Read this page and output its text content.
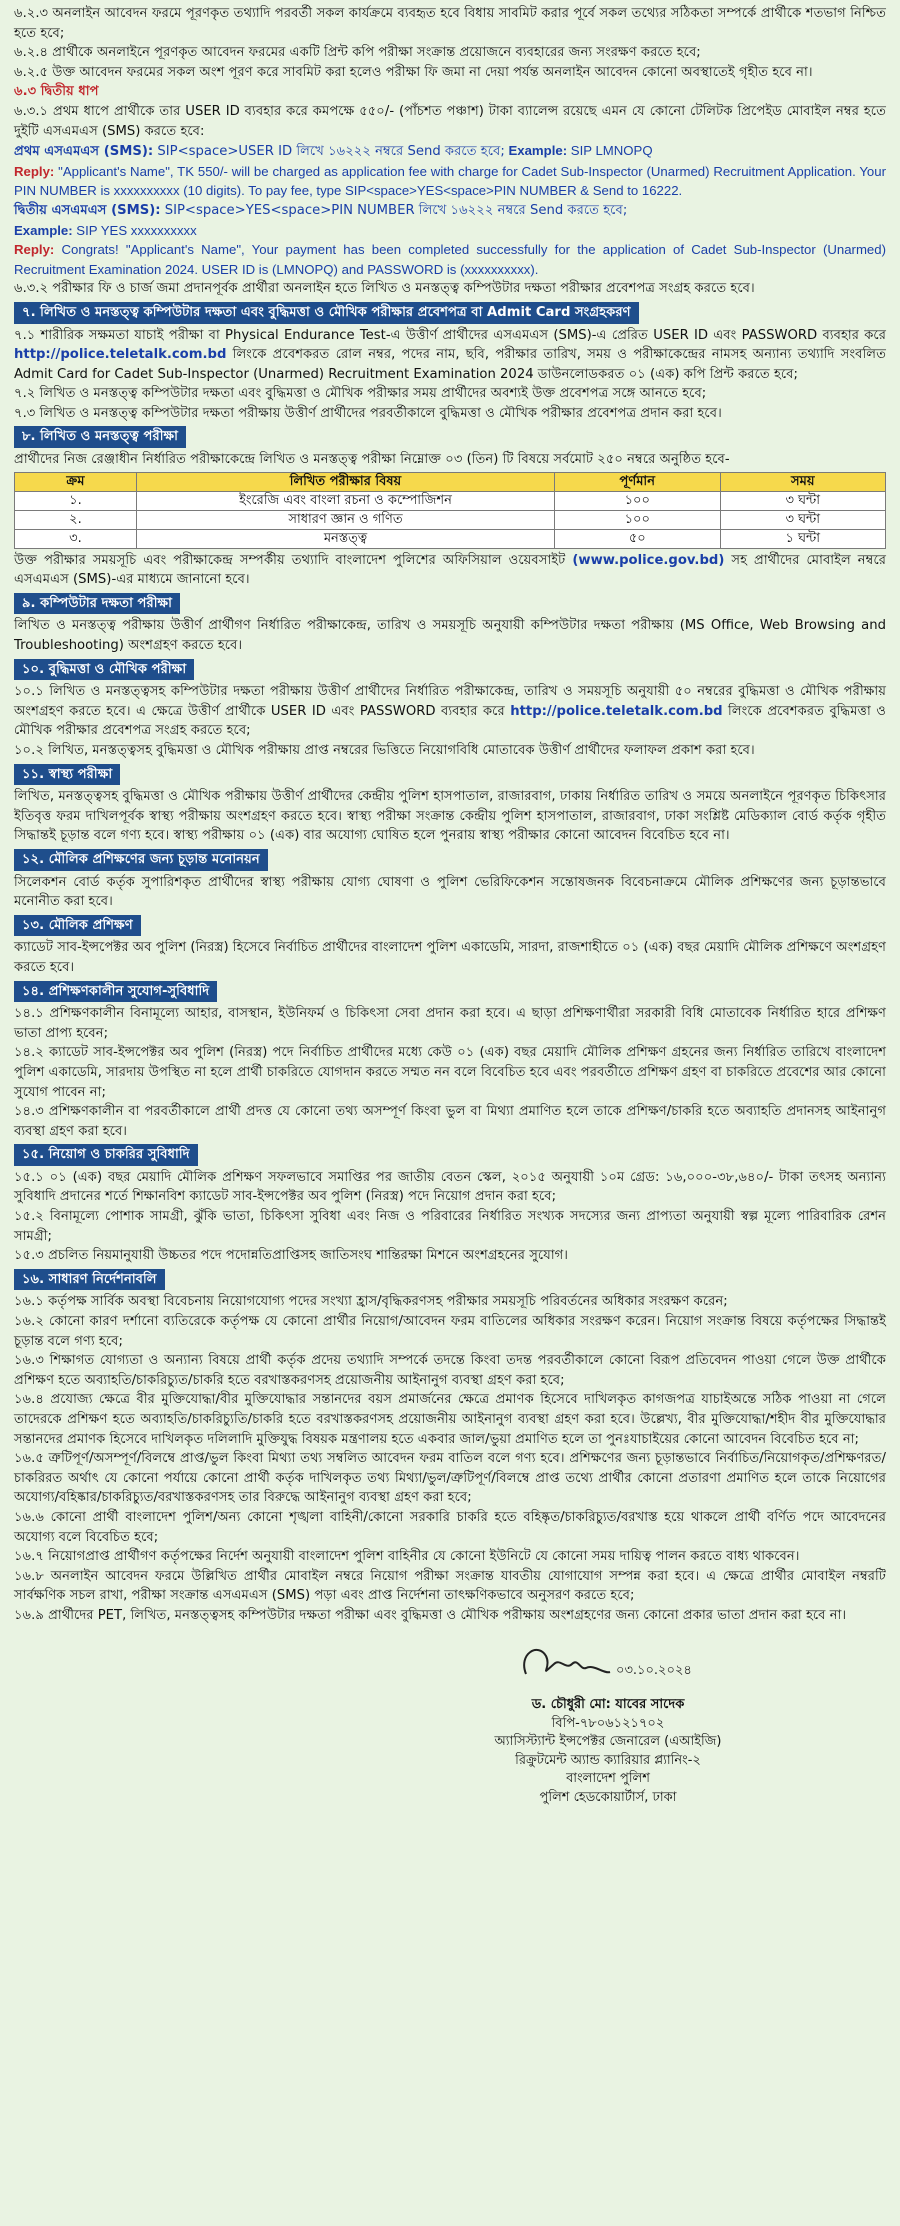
৬.২.৩ অনলাইন আবেদন ফরমে পূরণকৃত তথ্যাদি পরবর্তী সকল কার্যক্রমে ব্যবহৃত হবে বিধায় সাবমিট করার পূর্বে সকল তথ্যের সঠিকতা সম্পর্কে প্রার্থীকে শতভাগ নিশ্চিত হতে হবে;

৬.২.৪ প্রার্থীকে অনলাইনে পূরণকৃত আবেদন ফরমের একটি প্রিন্ট কপি পরীক্ষা সংক্রান্ত প্রয়োজনে ব্যবহারের জন্য সংরক্ষণ করতে হবে;

৬.২.৫ উক্ত আবেদন ফরমের সকল অংশ পূরণ করে সাবমিট করা হলেও পরীক্ষা ফি জমা না দেয়া পর্যন্ত অনলাইন আবেদন কোনো অবস্থাতেই গৃহীত হবে না।

৬.৩ দ্বিতীয় ধাপ

৬.৩.১ প্রথম ধাপে প্রার্থীকে তার USER ID ব্যবহার করে কমপক্ষে ৫৫০/- (পাঁচশত পঞ্চাশ) টাকা ব্যালেন্স রয়েছে এমন যে কোনো টেলিটক প্রিপেইড মোবাইল নম্বর হতে দুইটি এসএমএস (SMS) করতে হবে:

প্রথম এসএমএস (SMS): SIP<space>USER ID লিখে ১৬২২২ নম্বরে Send করতে হবে; Example: SIP LMNOPQ

Reply: "Applicant's Name", TK 550/- will be charged as application fee with charge for Cadet Sub-Inspector (Unarmed) Recruitment Application. Your PIN NUMBER is xxxxxxxxxx (10 digits). To pay fee, type SIP<space>YES<space>PIN NUMBER & Send to 16222.

দ্বিতীয় এসএমএস (SMS): SIP<space>YES<space>PIN NUMBER লিখে ১৬২২২ নম্বরে Send করতে হবে;

Example: SIP YES xxxxxxxxxx

Reply: Congrats! "Applicant's Name", Your payment has been completed successfully for the application of Cadet Sub-Inspector (Unarmed) Recruitment Examination 2024. USER ID is (LMNOPQ) and PASSWORD is (xxxxxxxxxx).

৬.৩.২ পরীক্ষার ফি ও চার্জ জমা প্রদানপূর্বক প্রার্থীরা অনলাইন হতে লিখিত ও মনস্তত্ত্ব কম্পিউটার দক্ষতা পরীক্ষার প্রবেশপত্র সংগ্রহ করতে হবে।

৭. লিখিত ও মনস্তত্ত্ব কম্পিউটার দক্ষতা এবং বুদ্ধিমত্তা ও মৌখিক পরীক্ষার প্রবেশপত্র বা Admit Card সংগ্রহকরণ

৭.১ শারীরিক সক্ষমতা যাচাই পরীক্ষা বা Physical Endurance Test-এ উত্তীর্ণ প্রার্থীদের এসএমএস (SMS)-এ প্রেরিত USER ID এবং PASSWORD ব্যবহার করে http://police.teletalk.com.bd লিংকে প্রবেশকরত রোল নম্বর, পদের নাম, ছবি, পরীক্ষার তারিখ, সময় ও পরীক্ষাকেন্দ্রের নামসহ অন্যান্য তথ্যাদি সংবলিত Admit Card for Cadet Sub-Inspector (Unarmed) Recruitment Examination 2024 ডাউনলোডকরত ০১ (এক) কপি প্রিন্ট করতে হবে;

৭.২ লিখিত ও মনস্তত্ত্ব কম্পিউটার দক্ষতা এবং বুদ্ধিমত্তা ও মৌখিক পরীক্ষার সময় প্রার্থীদের অবশ্যই উক্ত প্রবেশপত্র সঙ্গে আনতে হবে;

৭.৩ লিখিত ও মনস্তত্ত্ব কম্পিউটার দক্ষতা পরীক্ষায় উত্তীর্ণ প্রার্থীদের পরবর্তীকালে বুদ্ধিমত্তা ও মৌখিক পরীক্ষার প্রবেশপত্র প্রদান করা হবে।

৮. লিখিত ও মনস্তত্ত্ব পরীক্ষা

প্রার্থীদের নিজ রেঞ্জাধীন নির্ধারিত পরীক্ষাকেন্দ্রে লিখিত ও মনস্তত্ত্ব পরীক্ষা নিম্নোক্ত ০৩ (তিন) টি বিষয়ে সর্বমোট ২৫০ নম্বরে অনুষ্ঠিত হবে-

ক্রম	লিখিত পরীক্ষার বিষয়	পূর্ণমান	সময়
১.	ইংরেজি এবং বাংলা রচনা ও কম্পোজিশন	১০০	৩ ঘন্টা
২.	সাধারণ জ্ঞান ও গণিত	১০০	৩ ঘন্টা
৩.	মনস্তত্ত্ব	৫০	১ ঘন্টা

উক্ত পরীক্ষার সময়সূচি এবং পরীক্ষাকেন্দ্র সম্পর্কীয় তথ্যাদি বাংলাদেশ পুলিশের অফিসিয়াল ওয়েবসাইট (www.police.gov.bd) সহ প্রার্থীদের মোবাইল নম্বরে এসএমএস (SMS)-এর মাধ্যমে জানানো হবে।

৯. কম্পিউটার দক্ষতা পরীক্ষা

লিখিত ও মনস্তত্ত্ব পরীক্ষায় উত্তীর্ণ প্রার্থীগণ নির্ধারিত পরীক্ষাকেন্দ্র, তারিখ ও সময়সূচি অনুযায়ী কম্পিউটার দক্ষতা পরীক্ষায় (MS Office, Web Browsing and Troubleshooting) অংশগ্রহণ করতে হবে।

১০. বুদ্ধিমত্তা ও মৌখিক পরীক্ষা

১০.১ লিখিত ও মনস্তত্ত্বসহ কম্পিউটার দক্ষতা পরীক্ষায় উত্তীর্ণ প্রার্থীদের নির্ধারিত পরীক্ষাকেন্দ্র, তারিখ ও সময়সূচি অনুযায়ী ৫০ নম্বরের বুদ্ধিমত্তা ও মৌখিক পরীক্ষায় অংশগ্রহণ করতে হবে। এ ক্ষেত্রে উত্তীর্ণ প্রার্থীকে USER ID এবং PASSWORD ব্যবহার করে http://police.teletalk.com.bd লিংকে প্রবেশকরত বুদ্ধিমত্তা ও মৌখিক পরীক্ষার প্রবেশপত্র সংগ্রহ করতে হবে;

১০.২ লিখিত, মনস্তত্ত্বসহ বুদ্ধিমত্তা ও মৌখিক পরীক্ষায় প্রাপ্ত নম্বরের ভিত্তিতে নিয়োগবিধি মোতাবেক উত্তীর্ণ প্রার্থীদের ফলাফল প্রকাশ করা হবে।

১১. স্বাস্থ্য পরীক্ষা

লিখিত, মনস্তত্ত্বসহ বুদ্ধিমত্তা ও মৌখিক পরীক্ষায় উত্তীর্ণ প্রার্থীদের কেন্দ্রীয় পুলিশ হাসপাতাল, রাজারবাগ, ঢাকায় নির্ধারিত তারিখ ও সময়ে অনলাইনে পূরণকৃত চিকিৎসার ইতিবৃত্ত ফরম দাখিলপূর্বক স্বাস্থ্য পরীক্ষায় অংশগ্রহণ করতে হবে। স্বাস্থ্য পরীক্ষা সংক্রান্ত কেন্দ্রীয় পুলিশ হাসপাতাল, রাজারবাগ, ঢাকা সংশ্লিষ্ট মেডিক্যাল বোর্ড কর্তৃক গৃহীত সিদ্ধান্তই চূড়ান্ত বলে গণ্য হবে। স্বাস্থ্য পরীক্ষায় ০১ (এক) বার অযোগ্য ঘোষিত হলে পুনরায় স্বাস্থ্য পরীক্ষার কোনো আবেদন বিবেচিত হবে না।

১২. মৌলিক প্রশিক্ষণের জন্য চূড়ান্ত মনোনয়ন

সিলেকশন বোর্ড কর্তৃক সুপারিশকৃত প্রার্থীদের স্বাস্থ্য পরীক্ষায় যোগ্য ঘোষণা ও পুলিশ ভেরিফিকেশন সন্তোষজনক বিবেচনাক্রমে মৌলিক প্রশিক্ষণের জন্য চূড়ান্তভাবে মনোনীত করা হবে।

১৩. মৌলিক প্রশিক্ষণ

ক্যাডেট সাব-ইন্সপেক্টর অব পুলিশ (নিরস্ত্র) হিসেবে নির্বাচিত প্রার্থীদের বাংলাদেশ পুলিশ একাডেমি, সারদা, রাজশাহীতে ০১ (এক) বছর মেয়াদি মৌলিক প্রশিক্ষণে অংশগ্রহণ করতে হবে।

১৪. প্রশিক্ষণকালীন সুযোগ-সুবিধাদি

১৪.১ প্রশিক্ষণকালীন বিনামূল্যে আহার, বাসস্থান, ইউনিফর্ম ও চিকিৎসা সেবা প্রদান করা হবে। এ ছাড়া প্রশিক্ষণার্থীরা সরকারী বিধি মোতাবেক নির্ধারিত হারে প্রশিক্ষণ ভাতা প্রাপ্য হবেন;

১৪.২ ক্যাডেট সাব-ইন্সপেক্টর অব পুলিশ (নিরস্ত্র) পদে নির্বাচিত প্রার্থীদের মধ্যে কেউ ০১ (এক) বছর মেয়াদি মৌলিক প্রশিক্ষণ গ্রহনের জন্য নির্ধারিত তারিখে বাংলাদেশ পুলিশ একাডেমি, সারদায় উপস্থিত না হলে প্রার্থী চাকরিতে যোগদান করতে সম্মত নন বলে বিবেচিত হবে এবং পরবর্তীতে প্রশিক্ষণ গ্রহণ বা চাকরিতে প্রবেশের আর কোনো সুযোগ পাবেন না;

১৪.৩ প্রশিক্ষণকালীন বা পরবর্তীকালে প্রার্থী প্রদত্ত যে কোনো তথ্য অসম্পূর্ণ কিংবা ভুল বা মিথ্যা প্রমাণিত হলে তাকে প্রশিক্ষণ/চাকরি হতে অব্যাহতি প্রদানসহ আইনানুগ ব্যবস্থা গ্রহণ করা হবে।

১৫. নিয়োগ ও চাকরির সুবিধাদি

১৫.১ ০১ (এক) বছর মেয়াদি মৌলিক প্রশিক্ষণ সফলভাবে সমাপ্তির পর জাতীয় বেতন স্কেল, ২০১৫ অনুযায়ী ১০ম গ্রেড: ১৬,০০০-৩৮,৬৪০/- টাকা তৎসহ অন্যান্য সুবিধাদি প্রদানের শর্তে শিক্ষানবিশ ক্যাডেট সাব-ইন্সপেক্টর অব পুলিশ (নিরস্ত্র) পদে নিয়োগ প্রদান করা হবে;

১৫.২ বিনামূল্যে পোশাক সামগ্রী, ঝুঁকি ভাতা, চিকিৎসা সুবিধা এবং নিজ ও পরিবারের নির্ধারিত সংখ্যক সদস্যের জন্য প্রাপ্যতা অনুযায়ী স্বল্প মূল্যে পারিবারিক রেশন সামগ্রী;

১৫.৩ প্রচলিত নিয়মানুযায়ী উচ্চতর পদে পদোন্নতিপ্রাপ্তিসহ জাতিসংঘ শান্তিরক্ষা মিশনে অংশগ্রহনের সুযোগ।

১৬. সাধারণ নির্দেশনাবলি

১৬.১ কর্তৃপক্ষ সার্বিক অবস্থা বিবেচনায় নিয়োগযোগ্য পদের সংখ্যা হ্রাস/বৃদ্ধিকরণসহ পরীক্ষার সময়সূচি পরিবর্তনের অধিকার সংরক্ষণ করেন;

১৬.২ কোনো কারণ দর্শানো ব্যতিরেকে কর্তৃপক্ষ যে কোনো প্রার্থীর নিয়োগ/আবেদন ফরম বাতিলের অধিকার সংরক্ষণ করেন। নিয়োগ সংক্রান্ত বিষয়ে কর্তৃপক্ষের সিদ্ধান্তই চূড়ান্ত বলে গণ্য হবে;

১৬.৩ শিক্ষাগত যোগ্যতা ও অন্যান্য বিষয়ে প্রার্থী কর্তৃক প্রদেয় তথ্যাদি সম্পর্কে তদন্তে কিংবা তদন্ত পরবর্তীকালে কোনো বিরূপ প্রতিবেদন পাওয়া গেলে উক্ত প্রার্থীকে প্রশিক্ষণ হতে অব্যাহতি/চাকরিচ্যুত/চাকরি হতে বরখাস্তকরণসহ প্রয়োজনীয় আইনানুগ ব্যবস্থা গ্রহণ করা হবে;

১৬.৪ প্রযোজ্য ক্ষেত্রে বীর মুক্তিযোদ্ধা/বীর মুক্তিযোদ্ধার সন্তানদের বয়স প্রমার্জনের ক্ষেত্রে প্রমাণক হিসেবে দাখিলকৃত কাগজপত্র যাচাইঅন্তে সঠিক পাওয়া না গেলে তাদেরকে প্রশিক্ষণ হতে অব্যাহতি/চাকরিচ্যুতি/চাকরি হতে বরখাস্তকরণসহ প্রয়োজনীয় আইনানুগ ব্যবস্থা গ্রহণ করা হবে। উল্লেখ্য, বীর মুক্তিযোদ্ধা/শহীদ বীর মুক্তিযোদ্ধার সন্তানদের প্রমাণক হিসেবে দাখিলকৃত দলিলাদি মুক্তিযুদ্ধ বিষয়ক মন্ত্রণালয় হতে একবার জাল/ভুয়া প্রমাণিত হলে তা পুনঃযাচাইয়ের কোনো আবেদন বিবেচিত হবে না;

১৬.৫ ত্রুটিপূর্ণ/অসম্পূর্ণ/বিলম্বে প্রাপ্ত/ভুল কিংবা মিথ্যা তথ্য সম্বলিত আবেদন ফরম বাতিল বলে গণ্য হবে। প্রশিক্ষণের জন্য চূড়ান্তভাবে নির্বাচিত/নিয়োগকৃত/প্রশিক্ষণরত/চাকরিরত অর্থাৎ যে কোনো পর্যায়ে কোনো প্রার্থী কর্তৃক দাখিলকৃত তথ্য মিথ্যা/ভুল/ত্রুটিপূর্ণ/বিলম্বে প্রাপ্ত তথ্যে প্রার্থীর কোনো প্রতারণা প্রমাণিত হলে তাকে নিয়োগের অযোগ্য/বহিষ্কার/চাকরিচ্যুত/বরখাস্তকরণসহ তার বিরুদ্ধে আইনানুগ ব্যবস্থা গ্রহণ করা হবে;

১৬.৬ কোনো প্রার্থী বাংলাদেশ পুলিশ/অন্য কোনো শৃঙ্খলা বাহিনী/কোনো সরকারি চাকরি হতে বহিষ্কৃত/চাকরিচ্যুত/বরখাস্ত হয়ে থাকলে প্রার্থী বর্ণিত পদে আবেদনের অযোগ্য বলে বিবেচিত হবে;

১৬.৭ নিয়োগপ্রাপ্ত প্রার্থীগণ কর্তৃপক্ষের নির্দেশ অনুযায়ী বাংলাদেশ পুলিশ বাহিনীর যে কোনো ইউনিটে যে কোনো সময় দায়িত্ব পালন করতে বাধ্য থাকবেন।

১৬.৮ অনলাইন আবেদন ফরমে উল্লিখিত প্রার্থীর মোবাইল নম্বরে নিয়োগ পরীক্ষা সংক্রান্ত যাবতীয় যোগাযোগ সম্পন্ন করা হবে। এ ক্ষেত্রে প্রার্থীর মোবাইল নম্বরটি সার্বক্ষণিক সচল রাখা, পরীক্ষা সংক্রান্ত এসএমএস (SMS) পড়া এবং প্রাপ্ত নির্দেশনা তাৎক্ষণিকভাবে অনুসরণ করতে হবে;

১৬.৯ প্রার্থীদের PET, লিখিত, মনস্তত্ত্বসহ কম্পিউটার দক্ষতা পরীক্ষা এবং বুদ্ধিমত্তা ও মৌখিক পরীক্ষায় অংশগ্রহণের জন্য কোনো প্রকার ভাতা প্রদান করা হবে না।

০৩.১০.২০২৪
ড. চৌধুরী মো: যাবের সাদেক
বিপি-৭৮০৬১২১৭০২
অ্যাসিস্ট্যান্ট ইন্সপেক্টর জেনারেল (এআইজি)
রিক্রুটমেন্ট অ্যান্ড ক্যারিয়ার প্ল্যানিং-২
বাংলাদেশ পুলিশ
পুলিশ হেডকোয়ার্টার্স, ঢাকা
